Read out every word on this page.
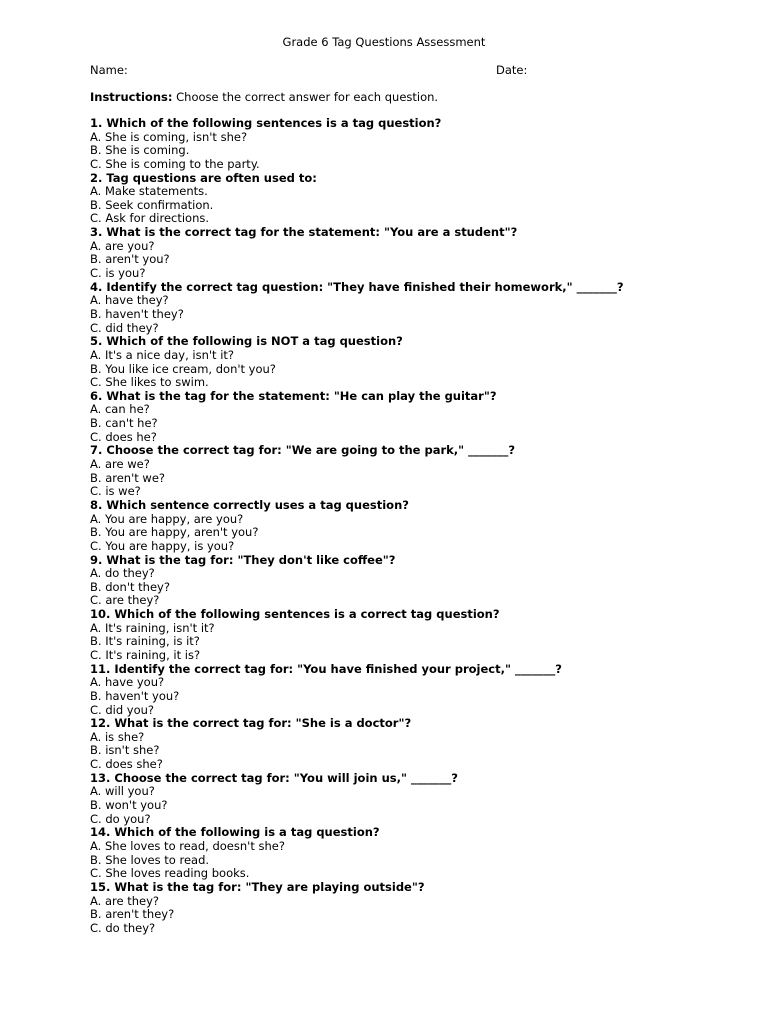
Grade 6 Tag Questions Assessment
Name:	Date:
Instructions: Choose the correct answer for each question.
1. Which of the following sentences is a tag question?
A. She is coming, isn't she?
B. She is coming.
C. She is coming to the party.
2. Tag questions are often used to:
A. Make statements.
B. Seek confirmation.
C. Ask for directions.
3. What is the correct tag for the statement: "You are a student"?
A. are you?
B. aren't you?
C. is you?
4. Identify the correct tag question: "They have finished their homework," _______?
A. have they?
B. haven't they?
C. did they?
5. Which of the following is NOT a tag question?
A. It's a nice day, isn't it?
B. You like ice cream, don't you?
C. She likes to swim.
6. What is the tag for the statement: "He can play the guitar"?
A. can he?
B. can't he?
C. does he?
7. Choose the correct tag for: "We are going to the park," _______?
A. are we?
B. aren't we?
C. is we?
8. Which sentence correctly uses a tag question?
A. You are happy, are you?
B. You are happy, aren't you?
C. You are happy, is you?
9. What is the tag for: "They don't like coffee"?
A. do they?
B. don't they?
C. are they?
10. Which of the following sentences is a correct tag question?
A. It's raining, isn't it?
B. It's raining, is it?
C. It's raining, it is?
11. Identify the correct tag for: "You have finished your project," _______?
A. have you?
B. haven't you?
C. did you?
12. What is the correct tag for: "She is a doctor"?
A. is she?
B. isn't she?
C. does she?
13. Choose the correct tag for: "You will join us," _______?
A. will you?
B. won't you?
C. do you?
14. Which of the following is a tag question?
A. She loves to read, doesn't she?
B. She loves to read.
C. She loves reading books.
15. What is the tag for: "They are playing outside"?
A. are they?
B. aren't they?
C. do they?
